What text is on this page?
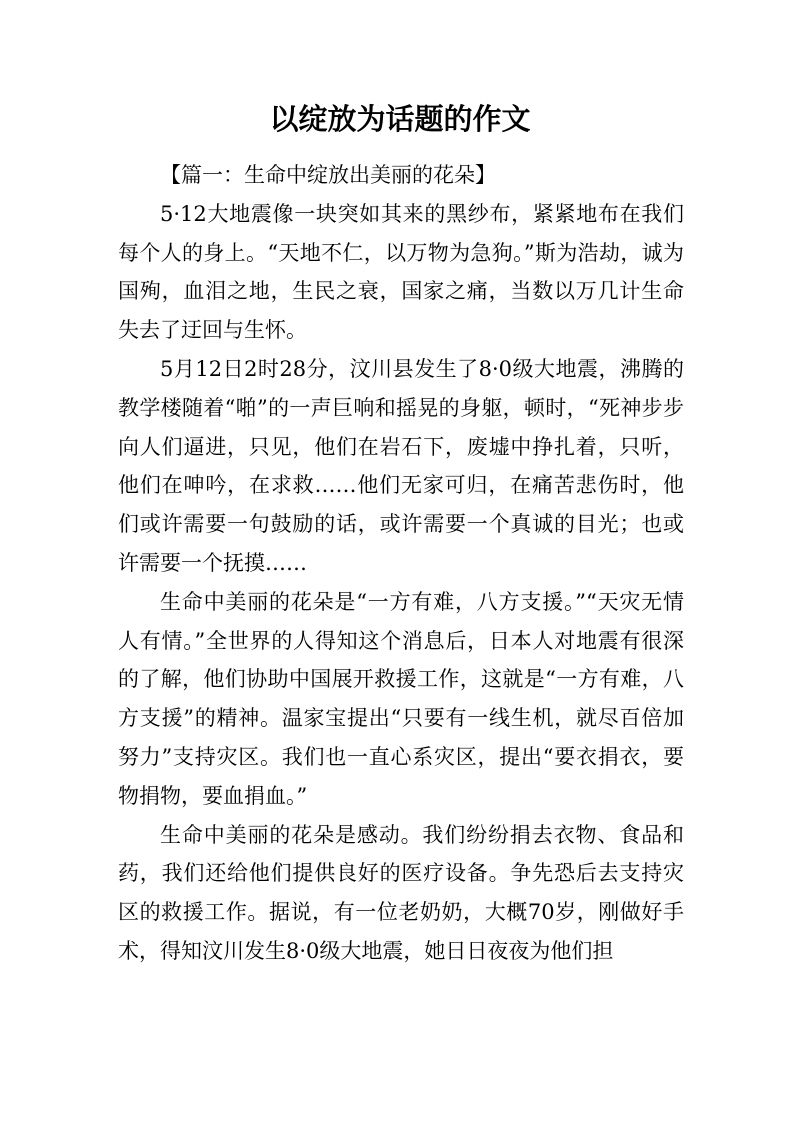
以绽放为话题的作文

【篇一：生命中绽放出美丽的花朵】

5·12大地震像一块突如其来的黑纱布，紧紧地布在我们每个人的身上。“天地不仁，以万物为急狗。”斯为浩劫，诚为国殉，血泪之地，生民之衰，国家之痛，当数以万几计生命失去了迂回与生怀。

5月12日2时28分，汶川县发生了8·0级大地震，沸腾的教学楼随着“啪”的一声巨响和摇晃的身躯，顿时，“死神步步向人们逼进，只见，他们在岩石下，废墟中挣扎着，只听，他们在呻吟，在求救……他们无家可归，在痛苦悲伤时，他们或许需要一句鼓励的话，或许需要一个真诚的目光；也或许需要一个抚摸……

生命中美丽的花朵是“一方有难，八方支援。”“天灾无情人有情。”全世界的人得知这个消息后，日本人对地震有很深的了解，他们协助中国展开救援工作，这就是“一方有难，八方支援”的精神。温家宝提出“只要有一线生机，就尽百倍加努力”支持灾区。我们也一直心系灾区，提出“要衣捐衣，要物捐物，要血捐血。”

生命中美丽的花朵是感动。我们纷纷捐去衣物、食品和药，我们还给他们提供良好的医疗设备。争先恐后去支持灾区的救援工作。据说，有一位老奶奶，大概70岁，刚做好手术，得知汶川发生8·0级大地震，她日日夜夜为他们担
